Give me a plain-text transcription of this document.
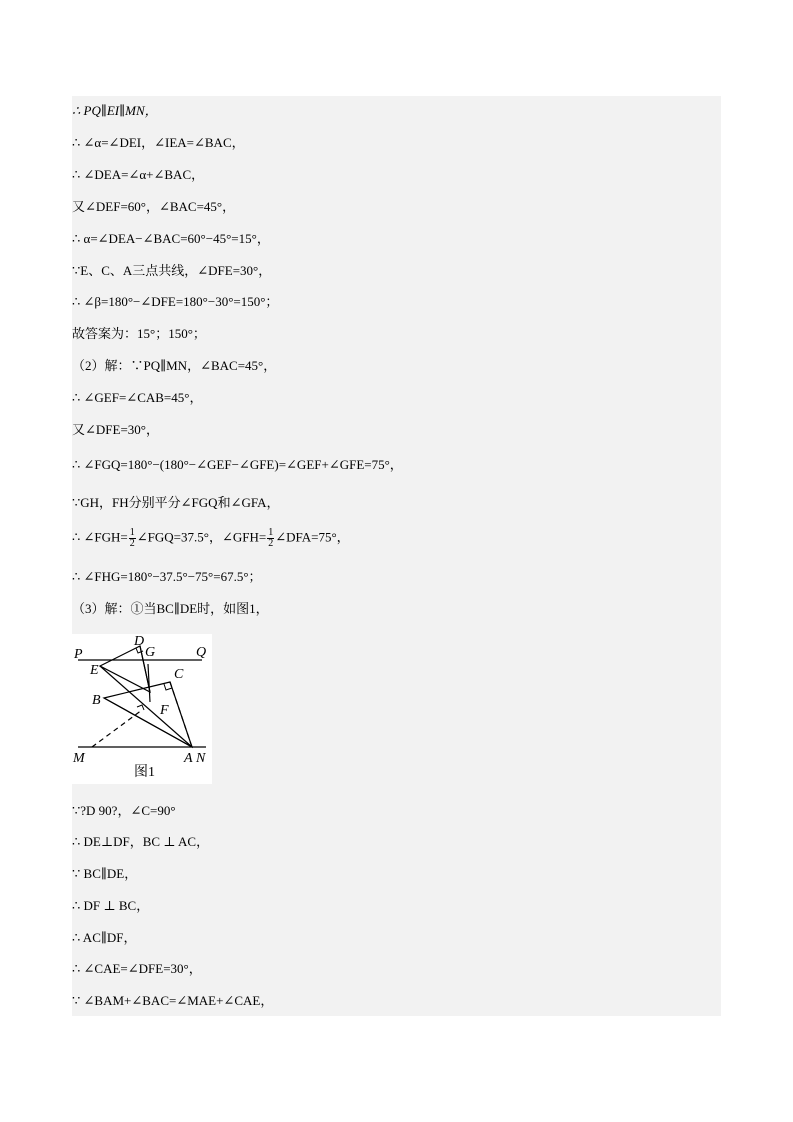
∴ PQ∥EI∥MN，
∴ ∠α=∠DEI，∠IEA=∠BAC，
∴ ∠DEA=∠α+∠BAC，
又∠DEF=60°，∠BAC=45°，
∴ α=∠DEA−∠BAC=60°−45°=15°，
∵E、C、A三点共线，∠DFE=30°，
∴ ∠β=180°−∠DFE=180°−30°=150°；
故答案为：15°；150°；
（2）解：∵PQ∥MN，∠BAC=45°，
∴ ∠GEF=∠CAB=45°，
又∠DFE=30°，
∴ ∠FGQ=180°−(180°−∠GEF−∠GFE)=∠GEF+∠GFE=75°，
∵GH，FH分别平分∠FGQ和∠GFA，
∴ ∠FGH= $\frac{1}{2}$ ∠FGQ=37.5°，∠GFH= $\frac{1}{2}$ ∠DFA=75°，
∴ ∠FHG=180°−37.5°−75°=67.5°；
（3）解：①当BC∥DE时，如图1，
P	Q
D
G
E	C
B
F
M	A N
图1
∵?D 90?，∠C=90°
∴ DE⊥DF，BC ⊥ AC，
∵ BC∥DE，
∴ DF ⊥ BC，
∴ AC∥DF，
∴ ∠CAE=∠DFE=30°，
∵ ∠BAM+∠BAC=∠MAE+∠CAE，
